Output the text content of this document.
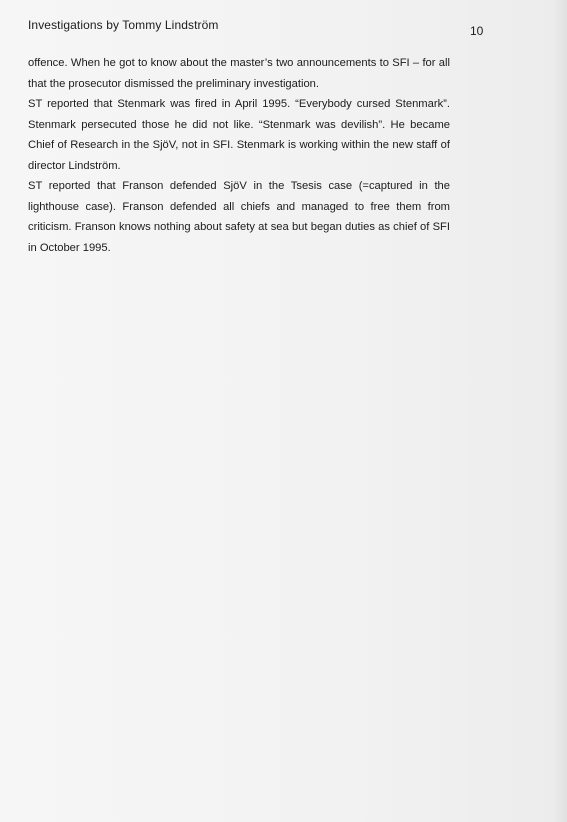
Investigations by Tommy Lindström	10

offence. When he got to know about the master’s two announcements to SFI – for all that the prosecutor dismissed the preliminary investigation.

ST reported that Stenmark was fired in April 1995. “Everybody cursed Stenmark”. Stenmark persecuted those he did not like. “Stenmark was devilish”. He became Chief of Research in the SjöV, not in SFI. Stenmark is working within the new staff of director Lindström.

ST reported that Franson defended SjöV in the Tsesis case (=captured in the lighthouse case). Franson defended all chiefs and managed to free them from criticism. Franson knows nothing about safety at sea but began duties as chief of SFI in October 1995.
